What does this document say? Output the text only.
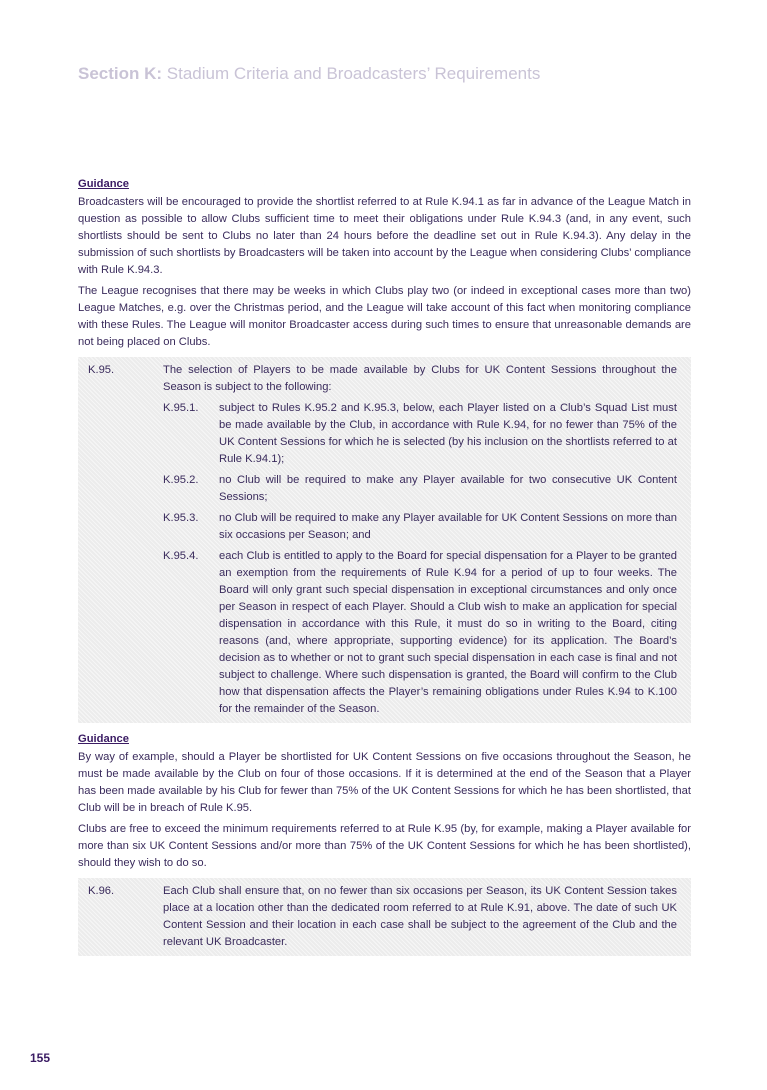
Section K: Stadium Criteria and Broadcasters’ Requirements
Guidance

Broadcasters will be encouraged to provide the shortlist referred to at Rule K.94.1 as far in advance of the League Match in question as possible to allow Clubs sufficient time to meet their obligations under Rule K.94.3 (and, in any event, such shortlists should be sent to Clubs no later than 24 hours before the deadline set out in Rule K.94.3). Any delay in the submission of such shortlists by Broadcasters will be taken into account by the League when considering Clubs’ compliance with Rule K.94.3.

The League recognises that there may be weeks in which Clubs play two (or indeed in exceptional cases more than two) League Matches, e.g. over the Christmas period, and the League will take account of this fact when monitoring compliance with these Rules. The League will monitor Broadcaster access during such times to ensure that unreasonable demands are not being placed on Clubs.

K.95.	The selection of Players to be made available by Clubs for UK Content Sessions throughout the Season is subject to the following:
K.95.1.	subject to Rules K.95.2 and K.95.3, below, each Player listed on a Club’s Squad List must be made available by the Club, in accordance with Rule K.94, for no fewer than 75% of the UK Content Sessions for which he is selected (by his inclusion on the shortlists referred to at Rule K.94.1);
K.95.2.	no Club will be required to make any Player available for two consecutive UK Content Sessions;
K.95.3.	no Club will be required to make any Player available for UK Content Sessions on more than six occasions per Season; and
K.95.4.	each Club is entitled to apply to the Board for special dispensation for a Player to be granted an exemption from the requirements of Rule K.94 for a period of up to four weeks. The Board will only grant such special dispensation in exceptional circumstances and only once per Season in respect of each Player. Should a Club wish to make an application for special dispensation in accordance with this Rule, it must do so in writing to the Board, citing reasons (and, where appropriate, supporting evidence) for its application. The Board’s decision as to whether or not to grant such special dispensation in each case is final and not subject to challenge. Where such dispensation is granted, the Board will confirm to the Club how that dispensation affects the Player’s remaining obligations under Rules K.94 to K.100 for the remainder of the Season.
Guidance

By way of example, should a Player be shortlisted for UK Content Sessions on five occasions throughout the Season, he must be made available by the Club on four of those occasions. If it is determined at the end of the Season that a Player has been made available by his Club for fewer than 75% of the UK Content Sessions for which he has been shortlisted, that Club will be in breach of Rule K.95.

Clubs are free to exceed the minimum requirements referred to at Rule K.95 (by, for example, making a Player available for more than six UK Content Sessions and/or more than 75% of the UK Content Sessions for which he has been shortlisted), should they wish to do so.

K.96.	Each Club shall ensure that, on no fewer than six occasions per Season, its UK Content Session takes place at a location other than the dedicated room referred to at Rule K.91, above. The date of such UK Content Session and their location in each case shall be subject to the agreement of the Club and the relevant UK Broadcaster.
155
